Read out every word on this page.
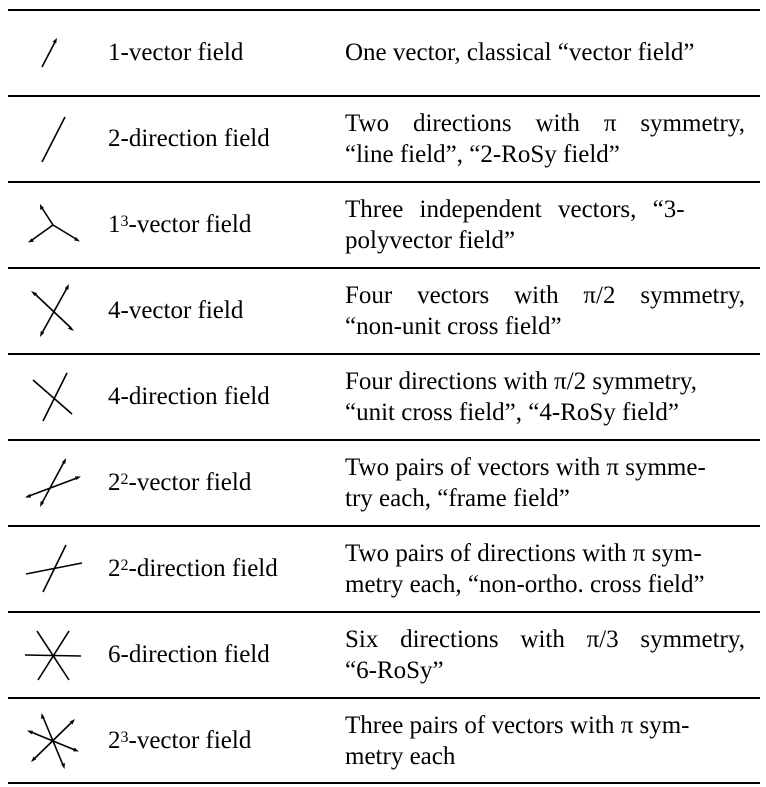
1-vector field	One vector, classical “vector field”
2-direction field
Two directions with π symmetry,
“line field”, “2-RoSy field”
$1^3$ -vector field
Three independent vectors, “3-
polyvector field”
4-vector field
Four vectors with π/2 symmetry,
“non-unit cross field”
4-direction field
Four directions with π/2 symmetry,
“unit cross field”, “4-RoSy field”
$2^2$ -vector field
Two pairs of vectors with π symme-
try each, “frame field”
$2^2$ -direction field
Two pairs of directions with π sym-
metry each, “non-ortho. cross field”
6-direction field
Six directions with π/3 symmetry,
“6-RoSy”
$2^3$ -vector field
Three pairs of vectors with π sym-
metry each
